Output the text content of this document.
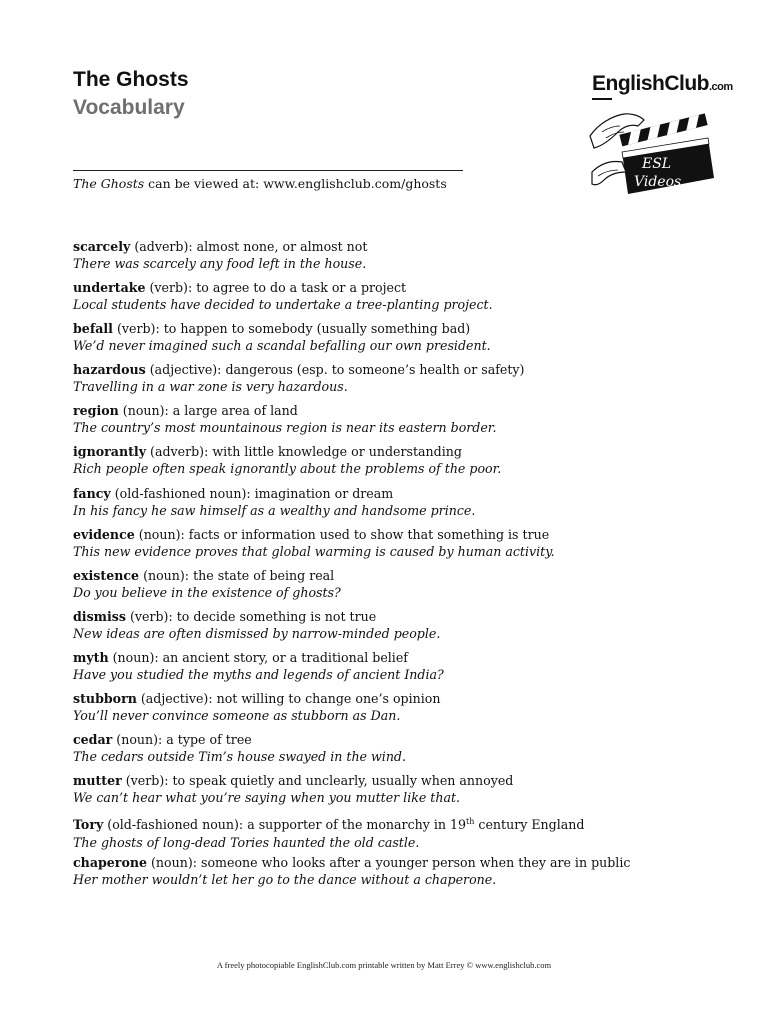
The Ghosts
Vocabulary
EnglishClub.com
ESL
Videos
The Ghosts can be viewed at: www.englishclub.com/ghosts
scarcely (adverb): almost none, or almost not
There was scarcely any food left in the house.
undertake (verb): to agree to do a task or a project
Local students have decided to undertake a tree-planting project.
befall (verb): to happen to somebody (usually something bad)
We’d never imagined such a scandal befalling our own president.
hazardous (adjective): dangerous (esp. to someone’s health or safety)
Travelling in a war zone is very hazardous.
region (noun): a large area of land
The country’s most mountainous region is near its eastern border.
ignorantly (adverb): with little knowledge or understanding
Rich people often speak ignorantly about the problems of the poor.
fancy (old-fashioned noun): imagination or dream
In his fancy he saw himself as a wealthy and handsome prince.
evidence (noun): facts or information used to show that something is true
This new evidence proves that global warming is caused by human activity.
existence (noun): the state of being real
Do you believe in the existence of ghosts?
dismiss (verb): to decide something is not true
New ideas are often dismissed by narrow-minded people.
myth (noun): an ancient story, or a traditional belief
Have you studied the myths and legends of ancient India?
stubborn (adjective): not willing to change one’s opinion
You’ll never convince someone as stubborn as Dan.
cedar (noun): a type of tree
The cedars outside Tim’s house swayed in the wind.
mutter (verb): to speak quietly and unclearly, usually when annoyed
We can’t hear what you’re saying when you mutter like that.
Tory (old-fashioned noun): a supporter of the monarchy in 19th century England
The ghosts of long-dead Tories haunted the old castle.
chaperone (noun): someone who looks after a younger person when they are in public
Her mother wouldn’t let her go to the dance without a chaperone.
A freely photocopiable EnglishClub.com printable written by Matt Errey © www.englishclub.com
